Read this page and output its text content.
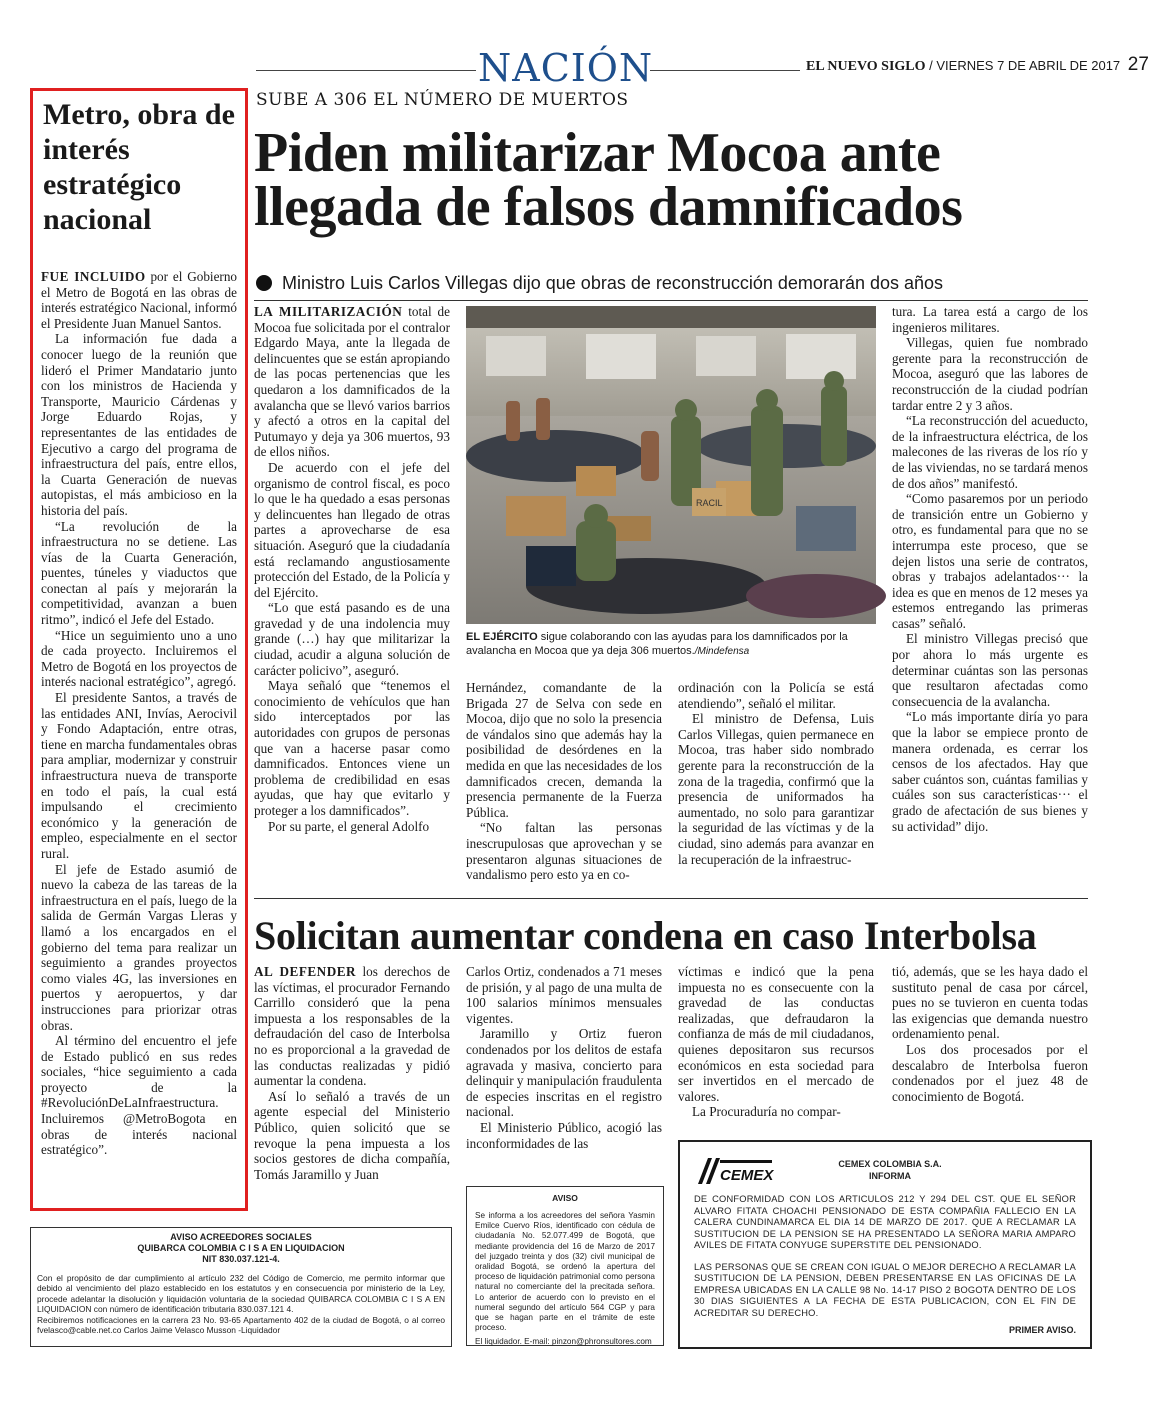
NACIÓN	EL NUEVO SIGLO / VIERNES 7 DE ABRIL DE 2017 27
Metro, obra de interés estratégico nacional

FUE INCLUIDO por el Gobierno el Metro de Bogotá en las obras de interés estratégico Nacional, informó el Presidente Juan Manuel Santos.

La información fue dada a conocer luego de la reunión que lideró el Primer Mandatario junto con los ministros de Hacienda y Transporte, Mauricio Cárdenas y Jorge Eduardo Rojas, y representantes de las entidades de Ejecutivo a cargo del programa de infraestructura del país, entre ellos, la Cuarta Generación de nuevas autopistas, el más ambicioso en la historia del país.

“La revolución de la infraestructura no se detiene. Las vías de la Cuarta Generación, puentes, túneles y viaductos que conectan al país y mejorarán la competitividad, avanzan a buen ritmo”, indicó el Jefe del Estado.

“Hice un seguimiento uno a uno de cada proyecto. Incluiremos el Metro de Bogotá en los proyectos de interés nacional estratégico”, agregó.

El presidente Santos, a través de las entidades ANI, Invías, Aerocivil y Fondo Adaptación, entre otras, tiene en marcha fundamentales obras para ampliar, modernizar y construir infraestructura nueva de transporte en todo el país, la cual está impulsando el crecimiento económico y la generación de empleo, especialmente en el sector rural.

El jefe de Estado asumió de nuevo la cabeza de las tareas de la infraestructura en el país, luego de la salida de Germán Vargas Lleras y llamó a los encargados en el gobierno del tema para realizar un seguimiento a grandes proyectos como viales 4G, las inversiones en puertos y aeropuertos, y dar instrucciones para priorizar otras obras.

Al término del encuentro el jefe de Estado publicó en sus redes sociales, “hice seguimiento a cada proyecto de la #RevoluciónDeLaInfraestructura. Incluiremos @MetroBogota en obras de interés nacional estratégico”.

SUBE A 306 EL NÚMERO DE MUERTOS
Piden militarizar Mocoa ante llegada de falsos damnificados
Ministro Luis Carlos Villegas dijo que obras de reconstrucción demorarán dos años

LA MILITARIZACIÓN total de Mocoa fue solicitada por el contralor Edgardo Maya, ante la llegada de delincuentes que se están apropiando de las pocas pertenencias que les quedaron a los damnificados de la avalancha que se llevó varios barrios y afectó a otros en la capital del Putumayo y deja ya 306 muertos, 93 de ellos niños.

De acuerdo con el jefe del organismo de control fiscal, es poco lo que le ha quedado a esas personas y delincuentes han llegado de otras partes a aprovecharse de esa situación. Aseguró que la ciudadanía está reclamando angustiosamente protección del Estado, de la Policía y del Ejército.

“Lo que está pasando es de una gravedad y de una indolencia muy grande (…) hay que militarizar la ciudad, acudir a alguna solución de carácter policivo”, aseguró.

Maya señaló que “tenemos el conocimiento de vehículos que han sido interceptados por las autoridades con grupos de personas que van a hacerse pasar como damnificados. Entonces viene un problema de credibilidad en esas ayudas, que hay que evitarlo y proteger a los damnificados”.

Por su parte, el general Adolfo

RACIL
EL EJÉRCITO sigue colaborando con las ayudas para los damnificados por la avalancha en Mocoa que ya deja 306 muertos./Mindefensa

Hernández, comandante de la Brigada 27 de Selva con sede en Mocoa, dijo que no solo la presencia de vándalos sino que además hay la posibilidad de desórdenes en la medida en que las necesidades de los damnificados crecen, demanda la presencia permanente de la Fuerza Pública.

“No faltan las personas inescrupulosas que aprovechan y se presentaron algunas situaciones de vandalismo pero esto ya en co-

ordinación con la Policía se está atendiendo”, señaló el militar.

El ministro de Defensa, Luis Carlos Villegas, quien permanece en Mocoa, tras haber sido nombrado gerente para la reconstrucción de la zona de la tragedia, confirmó que la presencia de uniformados ha aumentado, no solo para garantizar la seguridad de las víctimas y de la ciudad, sino además para avanzar en la recuperación de la infraestruc-

tura. La tarea está a cargo de los ingenieros militares.

Villegas, quien fue nombrado gerente para la reconstrucción de Mocoa, aseguró que las labores de reconstrucción de la ciudad podrían tardar entre 2 y 3 años.

“La reconstrucción del acueducto, de la infraestructura eléctrica, de los malecones de las riveras de los río y de las viviendas, no se tardará menos de dos años” manifestó.

“Como pasaremos por un periodo de transición entre un Gobierno y otro, es fundamental para que no se interrumpa este proceso, que se dejen listos una serie de contratos, obras y trabajos adelantados··· la idea es que en menos de 12 meses ya estemos entregando las primeras casas” señaló.

El ministro Villegas precisó que por ahora lo más urgente es determinar cuántas son las personas que resultaron afectadas como consecuencia de la avalancha.

“Lo más importante diría yo para que la labor se empiece pronto de manera ordenada, es cerrar los censos de los afectados. Hay que saber cuántos son, cuántas familias y cuáles son sus características··· el grado de afectación de sus bienes y su actividad” dijo.

Solicitan aumentar condena en caso Interbolsa

AL DEFENDER los derechos de las víctimas, el procurador Fernando Carrillo consideró que la pena impuesta a los responsables de la defraudación del caso de Interbolsa no es proporcional a la gravedad de las conductas realizadas y pidió aumentar la condena.

Así lo señaló a través de un agente especial del Ministerio Público, quien solicitó que se revoque la pena impuesta a los socios gestores de dicha compañía, Tomás Jaramillo y Juan

Carlos Ortiz, condenados a 71 meses de prisión, y al pago de una multa de 100 salarios mínimos mensuales vigentes.

Jaramillo y Ortiz fueron condenados por los delitos de estafa agravada y masiva, concierto para delinquir y manipulación fraudulenta de especies inscritas en el registro nacional.

El Ministerio Público, acogió las inconformidades de las

víctimas e indicó que la pena impuesta no es consecuente con la gravedad de las conductas realizadas, que defraudaron la confianza de más de mil ciudadanos, quienes depositaron sus recursos económicos en esta sociedad para ser invertidos en el mercado de valores.

La Procuraduría no compar-

tió, además, que se les haya dado el sustituto penal de casa por cárcel, pues no se tuvieron en cuenta todas las exigencias que demanda nuestro ordenamiento penal.

Los dos procesados por el descalabro de Interbolsa fueron condenados por el juez 48 de conocimiento de Bogotá.

AVISO ACREEDORES SOCIALES
QUIBARCA COLOMBIA C I S A EN LIQUIDACION
NIT 830.037.121-4.
Con el propósito de dar cumplimiento al artículo 232 del Código de Comercio, me permito informar que debido al vencimiento del plazo establecido en los estatutos y en consecuencia por ministerio de la Ley, procede adelantar la disolución y liquidación voluntaria de la sociedad QUIBARCA COLOMBIA C I S A EN LIQUIDACION con número de identificación tributaria 830.037.121 4.
Recibiremos notificaciones en la carrera 23 No. 93-65 Apartamento 402 de la ciudad de Bogotá, o al correo fvelasco@cable.net.co Carlos Jaime Velasco Musson -Liquidador
AVISO
Se informa a los acreedores del señora Yasmin Emilce Cuervo Ríos, identificado con cédula de ciudadanía No. 52.077.499 de Bogotá, que mediante providencia del 16 de Marzo de 2017 del juzgado treinta y dos (32) civil municipal de oralidad Bogotá, se ordenó la apertura del proceso de liquidación patrimonial como persona natural no comerciante del la precitada señora. Lo anterior de acuerdo con lo previsto en el numeral segundo del artículo 564 CGP y para que se hagan parte en el trámite de este proceso.
El liquidador. E-mail: pinzon@phronsultores.com
CEMEX
CEMEX COLOMBIA S.A.
INFORMA

DE CONFORMIDAD CON LOS ARTICULOS 212 Y 294 DEL CST. QUE EL SEÑOR ALVARO FITATA CHOACHI PENSIONADO DE ESTA COMPAÑIA FALLECIO EN LA CALERA CUNDINAMARCA EL DIA 14 DE MARZO DE 2017. QUE A RECLAMAR LA SUSTITUCION DE LA PENSION SE HA PRESENTADO LA SEÑORA MARIA AMPARO AVILES DE FITATA CONYUGE SUPERSTITE DEL PENSIONADO.

LAS PERSONAS QUE SE CREAN CON IGUAL O MEJOR DERECHO A RECLAMAR LA SUSTITUCION DE LA PENSION, DEBEN PRESENTARSE EN LAS OFICINAS DE LA EMPRESA UBICADAS EN LA CALLE 98 No. 14-17 PISO 2 BOGOTA DENTRO DE LOS 30 DIAS SIGUIENTES A LA FECHA DE ESTA PUBLICACION, CON EL FIN DE ACREDITAR SU DERECHO.

PRIMER AVISO.
